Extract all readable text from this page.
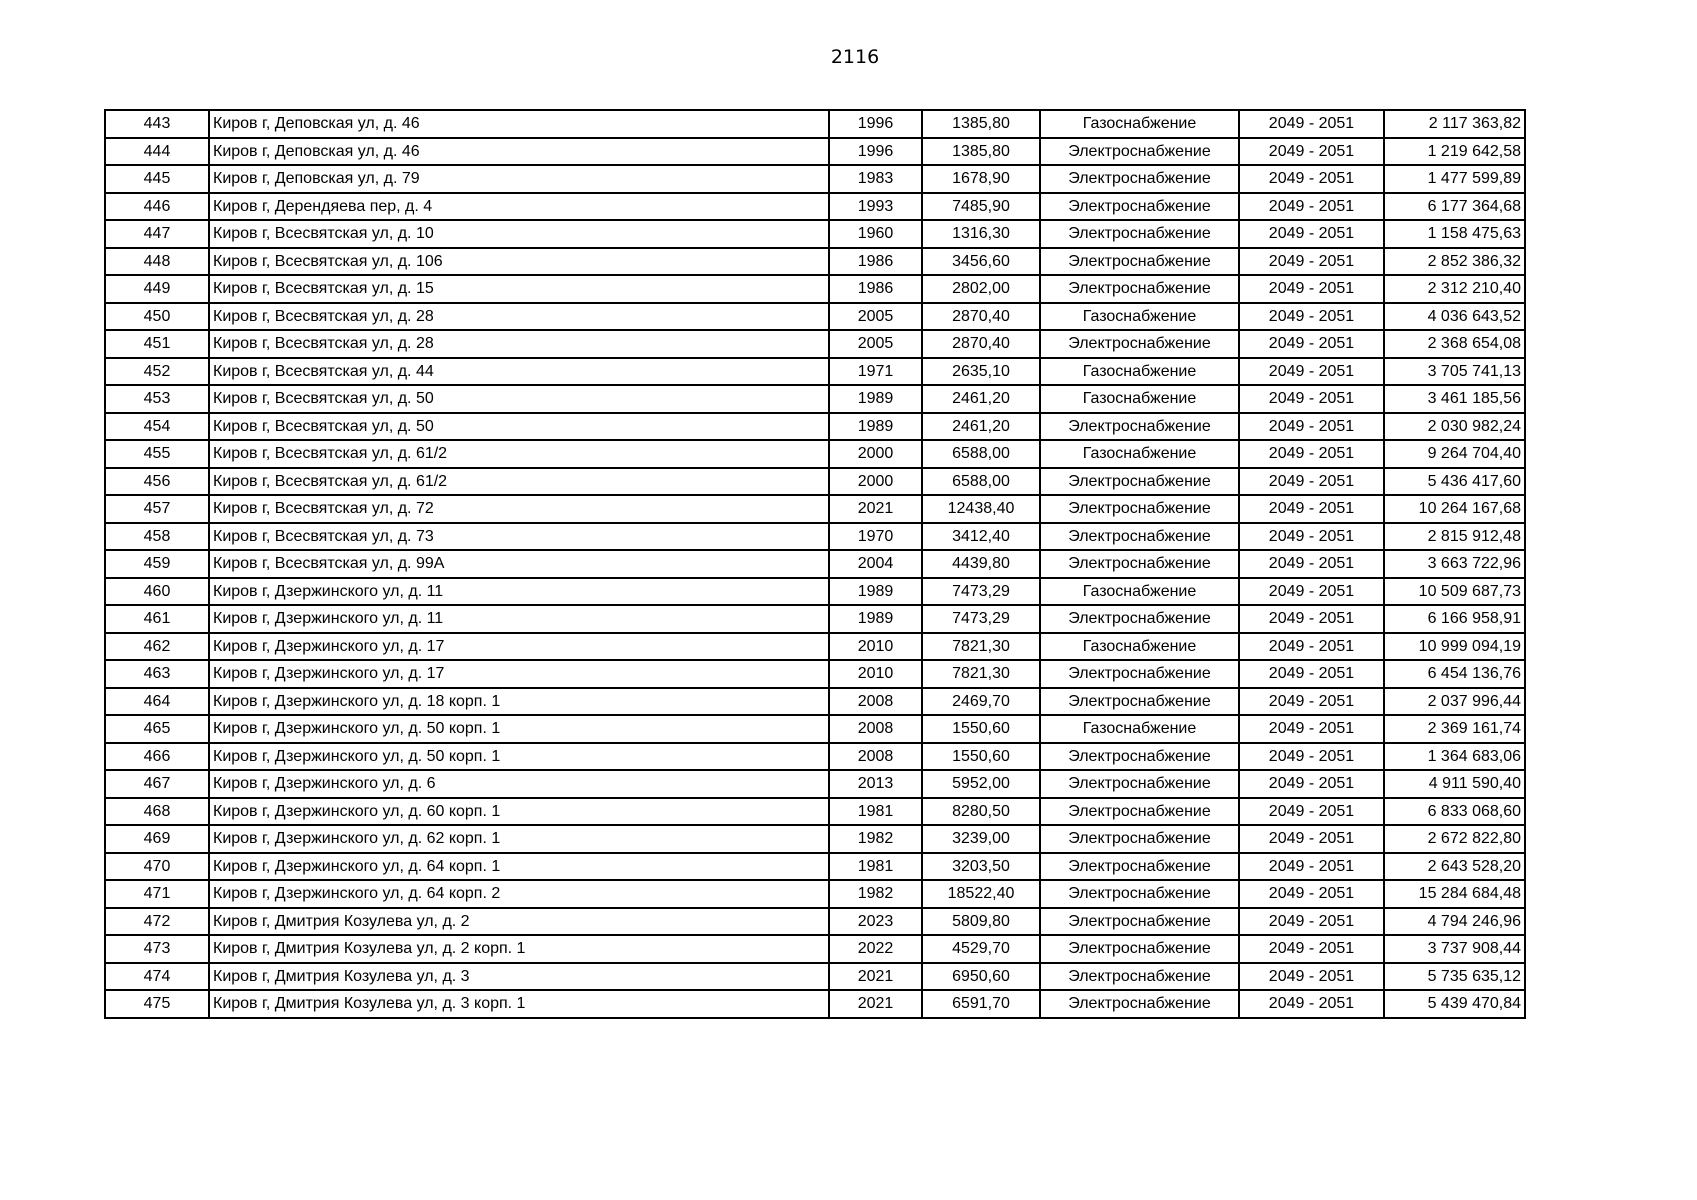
2116
443	Киров г, Деповская ул, д. 46	1996	1385,80	Газоснабжение	2049 - 2051	2 117 363,82
444	Киров г, Деповская ул, д. 46	1996	1385,80	Электроснабжение	2049 - 2051	1 219 642,58
445	Киров г, Деповская ул, д. 79	1983	1678,90	Электроснабжение	2049 - 2051	1 477 599,89
446	Киров г, Дерендяева пер, д. 4	1993	7485,90	Электроснабжение	2049 - 2051	6 177 364,68
447	Киров г, Всесвятская ул, д. 10	1960	1316,30	Электроснабжение	2049 - 2051	1 158 475,63
448	Киров г, Всесвятская ул, д. 106	1986	3456,60	Электроснабжение	2049 - 2051	2 852 386,32
449	Киров г, Всесвятская ул, д. 15	1986	2802,00	Электроснабжение	2049 - 2051	2 312 210,40
450	Киров г, Всесвятская ул, д. 28	2005	2870,40	Газоснабжение	2049 - 2051	4 036 643,52
451	Киров г, Всесвятская ул, д. 28	2005	2870,40	Электроснабжение	2049 - 2051	2 368 654,08
452	Киров г, Всесвятская ул, д. 44	1971	2635,10	Газоснабжение	2049 - 2051	3 705 741,13
453	Киров г, Всесвятская ул, д. 50	1989	2461,20	Газоснабжение	2049 - 2051	3 461 185,56
454	Киров г, Всесвятская ул, д. 50	1989	2461,20	Электроснабжение	2049 - 2051	2 030 982,24
455	Киров г, Всесвятская ул, д. 61/2	2000	6588,00	Газоснабжение	2049 - 2051	9 264 704,40
456	Киров г, Всесвятская ул, д. 61/2	2000	6588,00	Электроснабжение	2049 - 2051	5 436 417,60
457	Киров г, Всесвятская ул, д. 72	2021	12438,40	Электроснабжение	2049 - 2051	10 264 167,68
458	Киров г, Всесвятская ул, д. 73	1970	3412,40	Электроснабжение	2049 - 2051	2 815 912,48
459	Киров г, Всесвятская ул, д. 99А	2004	4439,80	Электроснабжение	2049 - 2051	3 663 722,96
460	Киров г, Дзержинского ул, д. 11	1989	7473,29	Газоснабжение	2049 - 2051	10 509 687,73
461	Киров г, Дзержинского ул, д. 11	1989	7473,29	Электроснабжение	2049 - 2051	6 166 958,91
462	Киров г, Дзержинского ул, д. 17	2010	7821,30	Газоснабжение	2049 - 2051	10 999 094,19
463	Киров г, Дзержинского ул, д. 17	2010	7821,30	Электроснабжение	2049 - 2051	6 454 136,76
464	Киров г, Дзержинского ул, д. 18 корп. 1	2008	2469,70	Электроснабжение	2049 - 2051	2 037 996,44
465	Киров г, Дзержинского ул, д. 50 корп. 1	2008	1550,60	Газоснабжение	2049 - 2051	2 369 161,74
466	Киров г, Дзержинского ул, д. 50 корп. 1	2008	1550,60	Электроснабжение	2049 - 2051	1 364 683,06
467	Киров г, Дзержинского ул, д. 6	2013	5952,00	Электроснабжение	2049 - 2051	4 911 590,40
468	Киров г, Дзержинского ул, д. 60 корп. 1	1981	8280,50	Электроснабжение	2049 - 2051	6 833 068,60
469	Киров г, Дзержинского ул, д. 62 корп. 1	1982	3239,00	Электроснабжение	2049 - 2051	2 672 822,80
470	Киров г, Дзержинского ул, д. 64 корп. 1	1981	3203,50	Электроснабжение	2049 - 2051	2 643 528,20
471	Киров г, Дзержинского ул, д. 64 корп. 2	1982	18522,40	Электроснабжение	2049 - 2051	15 284 684,48
472	Киров г, Дмитрия Козулева ул, д. 2	2023	5809,80	Электроснабжение	2049 - 2051	4 794 246,96
473	Киров г, Дмитрия Козулева ул, д. 2 корп. 1	2022	4529,70	Электроснабжение	2049 - 2051	3 737 908,44
474	Киров г, Дмитрия Козулева ул, д. 3	2021	6950,60	Электроснабжение	2049 - 2051	5 735 635,12
475	Киров г, Дмитрия Козулева ул, д. 3 корп. 1	2021	6591,70	Электроснабжение	2049 - 2051	5 439 470,84
